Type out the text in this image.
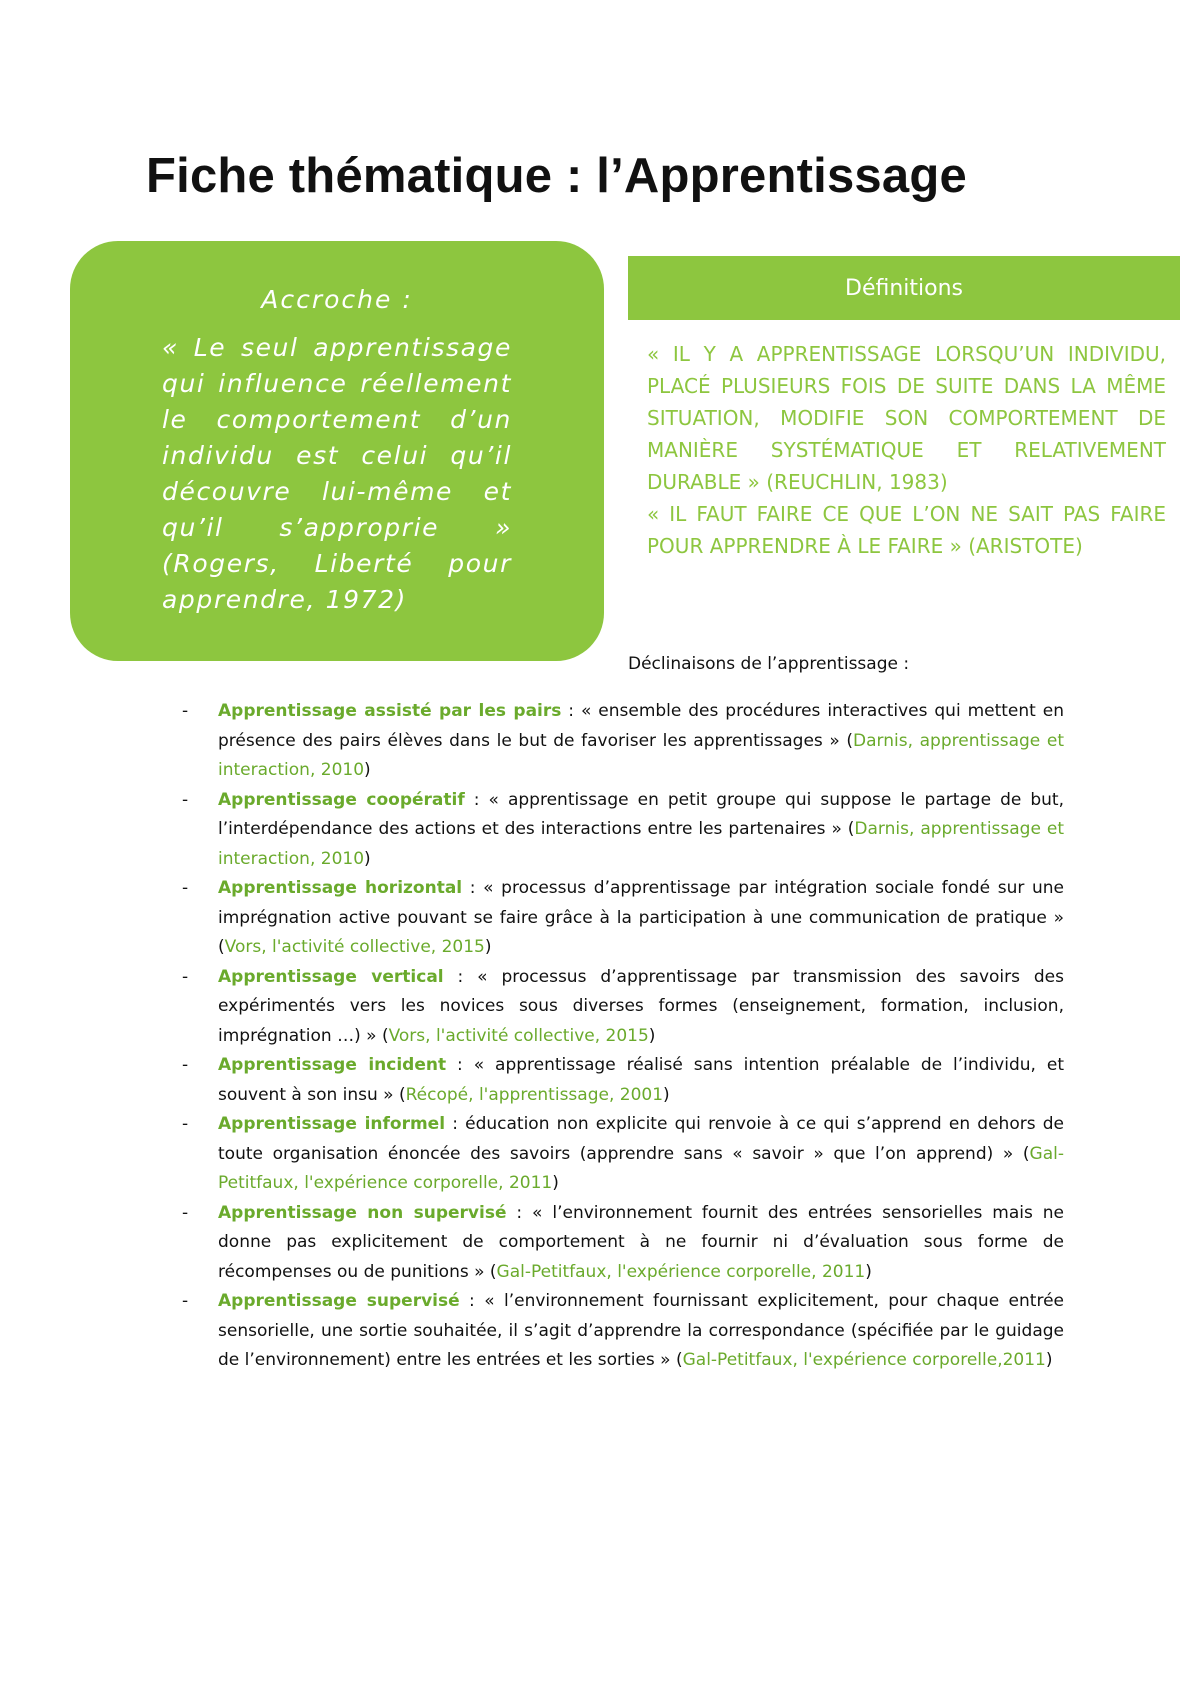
Fiche thématique : l’Apprentissage

Accroche :

« Le seul apprentissage qui influence réellement le comportement d’un individu est celui qu’il découvre lui-même et qu’il s’approprie » (Rogers, Liberté pour apprendre, 1972)

Définitions

« IL Y A APPRENTISSAGE LORSQU’UN INDIVIDU, PLACÉ PLUSIEURS FOIS DE SUITE DANS LA MÊME SITUATION, MODIFIE SON COMPORTEMENT DE MANIÈRE SYSTÉMATIQUE ET RELATIVEMENT DURABLE » (REUCHLIN, 1983)
« IL FAUT FAIRE CE QUE L’ON NE SAIT PAS FAIRE POUR APPRENDRE À LE FAIRE » (ARISTOTE)

Déclinaisons de l’apprentissage :

- Apprentissage assisté par les pairs : « ensemble des procédures interactives qui mettent en présence des pairs élèves dans le but de favoriser les apprentissages » (Darnis, apprentissage et interaction, 2010)
- Apprentissage coopératif : « apprentissage en petit groupe qui suppose le partage de but, l’interdépendance des actions et des interactions entre les partenaires » (Darnis, apprentissage et interaction, 2010)
- Apprentissage horizontal : « processus d’apprentissage par intégration sociale fondé sur une imprégnation active pouvant se faire grâce à la participation à une communication de pratique » (Vors, l'activité collective, 2015)
- Apprentissage vertical : « processus d’apprentissage par transmission des savoirs des expérimentés vers les novices sous diverses formes (enseignement, formation, inclusion, imprégnation …) » (Vors, l'activité collective, 2015)
- Apprentissage incident : « apprentissage réalisé sans intention préalable de l’individu, et souvent à son insu » (Récopé, l'apprentissage, 2001)
- Apprentissage informel : éducation non explicite qui renvoie à ce qui s’apprend en dehors de toute organisation énoncée des savoirs (apprendre sans « savoir » que l’on apprend) » (Gal-Petitfaux, l'expérience corporelle, 2011)
- Apprentissage non supervisé : « l’environnement fournit des entrées sensorielles mais ne donne pas explicitement de comportement à ne fournir ni d’évaluation sous forme de récompenses ou de punitions » (Gal-Petitfaux, l'expérience corporelle, 2011)
- Apprentissage supervisé : « l’environnement fournissant explicitement, pour chaque entrée sensorielle, une sortie souhaitée, il s’agit d’apprendre la correspondance (spécifiée par le guidage de l’environnement) entre les entrées et les sorties » (Gal-Petitfaux, l'expérience corporelle,2011)
